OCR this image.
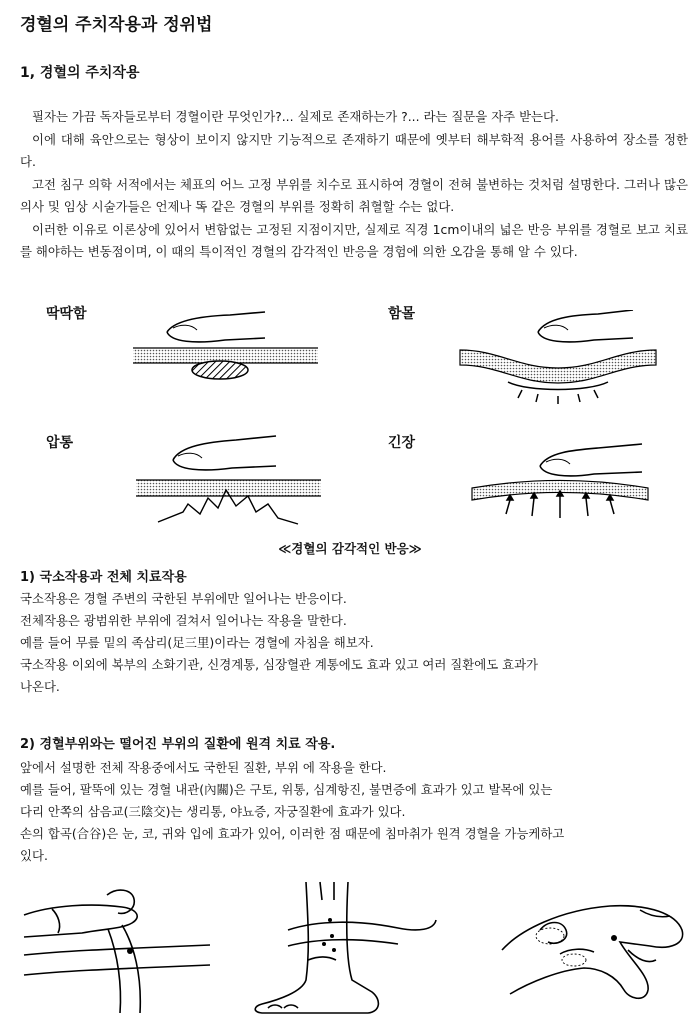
경혈의 주치작용과 정위법
1, 경혈의 주치작용
필자는 가끔 독자들로부터 경혈이란 무엇인가?... 실제로 존재하는가 ?... 라는 질문을 자주 받는다.
이에 대해 육안으로는 형상이 보이지 않지만 기능적으로 존재하기 때문에 옛부터 해부학적 용어를 사용하여 장소를 정한다.
고전 침구 의학 서적에서는 체표의 어느 고정 부위를 치수로 표시하여 경혈이 전혀 불변하는 것처럼 설명한다. 그러나 많은 의사 및 임상 시술가들은 언제나 똑 같은 경혈의 부위를 정확히 취혈할 수는 없다.
이러한 이유로 이론상에 있어서 변함없는 고정된 지점이지만, 실제로 직경 1cm이내의 넓은 반응 부위를 경혈로 보고 치료를 해야하는 변동점이며, 이 때의 특이적인 경혈의 감각적인 반응을 경험에 의한 오감을 통해 알 수 있다.
딱딱함	함몰
압통	긴장
≪경혈의 감각적인 반응≫
1) 국소작용과 전체 치료작용
국소작용은 경혈 주변의 국한된 부위에만 일어나는 반응이다.
전체작용은 광범위한 부위에 걸쳐서 일어나는 작용을 말한다.
예를 들어 무릎 밑의 족삼리(足三里)이라는 경혈에 자침을 해보자.
국소작용 이외에 복부의 소화기관, 신경계통, 심장혈관 계통에도 효과 있고 여러 질환에도 효과가
나온다.
2) 경혈부위와는 떨어진 부위의 질환에 원격 치료 작용.
앞에서 설명한 전체 작용중에서도 국한된 질환, 부위 에 작용을 한다.
예를 들어, 팔뚝에 있는 경혈 내관(內關)은 구토, 위통, 심계항진, 불면증에 효과가 있고 발목에 있는
다리 안쪽의 삼음교(三陰交)는 생리통, 야뇨증, 자궁질환에 효과가 있다.
손의 합곡(合谷)은 눈, 코, 귀와 입에 효과가 있어, 이러한 점 때문에 침마취가 원격 경혈을 가능케하고
있다.
